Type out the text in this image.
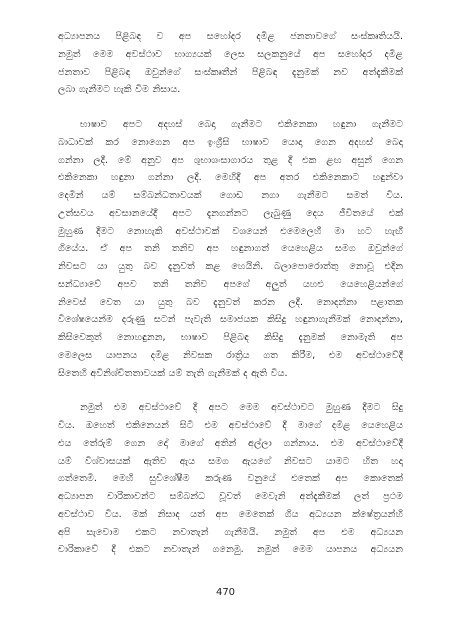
අධ්‍යාපනය පිළිබඳ ව අප සහෝදර දමිළ ජනතාවගේ සංස්කෘතියයි.
නමුත් මෙම අවස්ථාව භාග්‍යයක් ලෙස සලකනුයේ අප සහෝදර දමිළ
ජනතාව පිළිබඳ ඔවුන්ගේ සංස්කෘතීන් පිළිබඳ දැනුමක් නව අත්දැකීමක්
ලබා ගැනීමට හැකි වීම නිසාය.
භාෂාව අපට අදහස් බෙදා ගැනීමට එකිනෙකා හඳුනා ගැනීමට
බාධාවක් කර නොගෙන අප ඉංග්‍රීසි භාෂාව යොදා ගෙන අදහස් බෙදා
ගන්නා ලදී. මේ අනුව අප ශුභාශංසාගාරය තුළ දී එක ළඟ අසුන් ගෙන
එකිනෙකා හඳුනා ගන්නා ලදී. මෙහිදී අප අතර එකිනෙකාට හඳුන්වා
දෙමින් යම් සම්බන්ධතාවයක් ගොඩ නගා ගැනීමට සමත් විය.
උත්සවය අවසානයේදී අපට දැනගන්නට ලැබුණු දෙය ජීවිතයේ එක්
මුහුණ දීමට නොහැකි අවස්ථාවක් වශයෙන් එමෙලෙහී මා හට හැඟී
ගියේය. ඒ අප තනි තනිව අප හඳුනාගත් යෙහෙළිය සමග ඔවුන්ගේ
නිවසට යා යුතු බව දැනුවත් කළ හෙයිනි. බලාපොරොත්තු නොවූ එදින
සන්ධ්‍යාවේ අපව තනි තනිව අපගේ අලුත් යහළු යෙහෙළියන්ගේ
නිවෙස් වෙත යා යුතු බව දැනුවත් කරන ලදී. නොදන්නා පළාතක
විශේෂයෙන්ම දරුණු සටන් පැවැති සමාජයක කිසිදු හඳුනාගැනීමක් නොදන්නා,
කිසිවෙකුත් නොහඳුනන, භාෂාව පිළිබඳ කිසිදු දැනුමක් නොමැති අප
මෙලෙස යාපනය දමිළ නිවසක රාත්‍රිය ගත කිරීම, එම අවස්ථාවේදී
සිතෙහි අවිනිශ්චිතතාවයක් යම් තැති ගැනීමක් ද ඇති විය.
නමුත් එම අවස්ථාවේ දී අපට මෙම අවස්ථාවට මුහුණ දීමට සිදු
විය. ඔහෙත් එකිනෙයන් සිටි එම අවස්ථාවේ දී මාගේ දමිළ යෙහෙළිය
එය තේරුම් ගෙන දෝ මාගේ අතින් අල්ලා ගන්නාය. එම අවස්ථාවේදී
යම් විශ්වාසයක් ඇතිව ඇය සමග ඇයගේ නිවසට යාමට හිත හදා
ගත්තෙමි. මෙහි සුවිශේෂීම කරුණ වනුයේ එතෙක් අප කොතෙක්
අධ්‍යාපන චාරිකාවන්ට සම්බන්ධ වූවත් මෙවැනි අත්දැකීමක් ලත් ප්‍රථම
අවස්ථාව විය. මක් නිසාද යත් අප මෙතෙක් ගිය අධ්‍යයන ක්ෂේත්‍රයන්හි
අපි සැවොම එකට නවාතැන් ගැනීමයි. නමුත් අප එම අධ්‍යයන
චාරිකාවේ දී එකට නවාතැන් ගනෙමු. නමුත් මෙම යාපනය අධ්‍යයන
470
